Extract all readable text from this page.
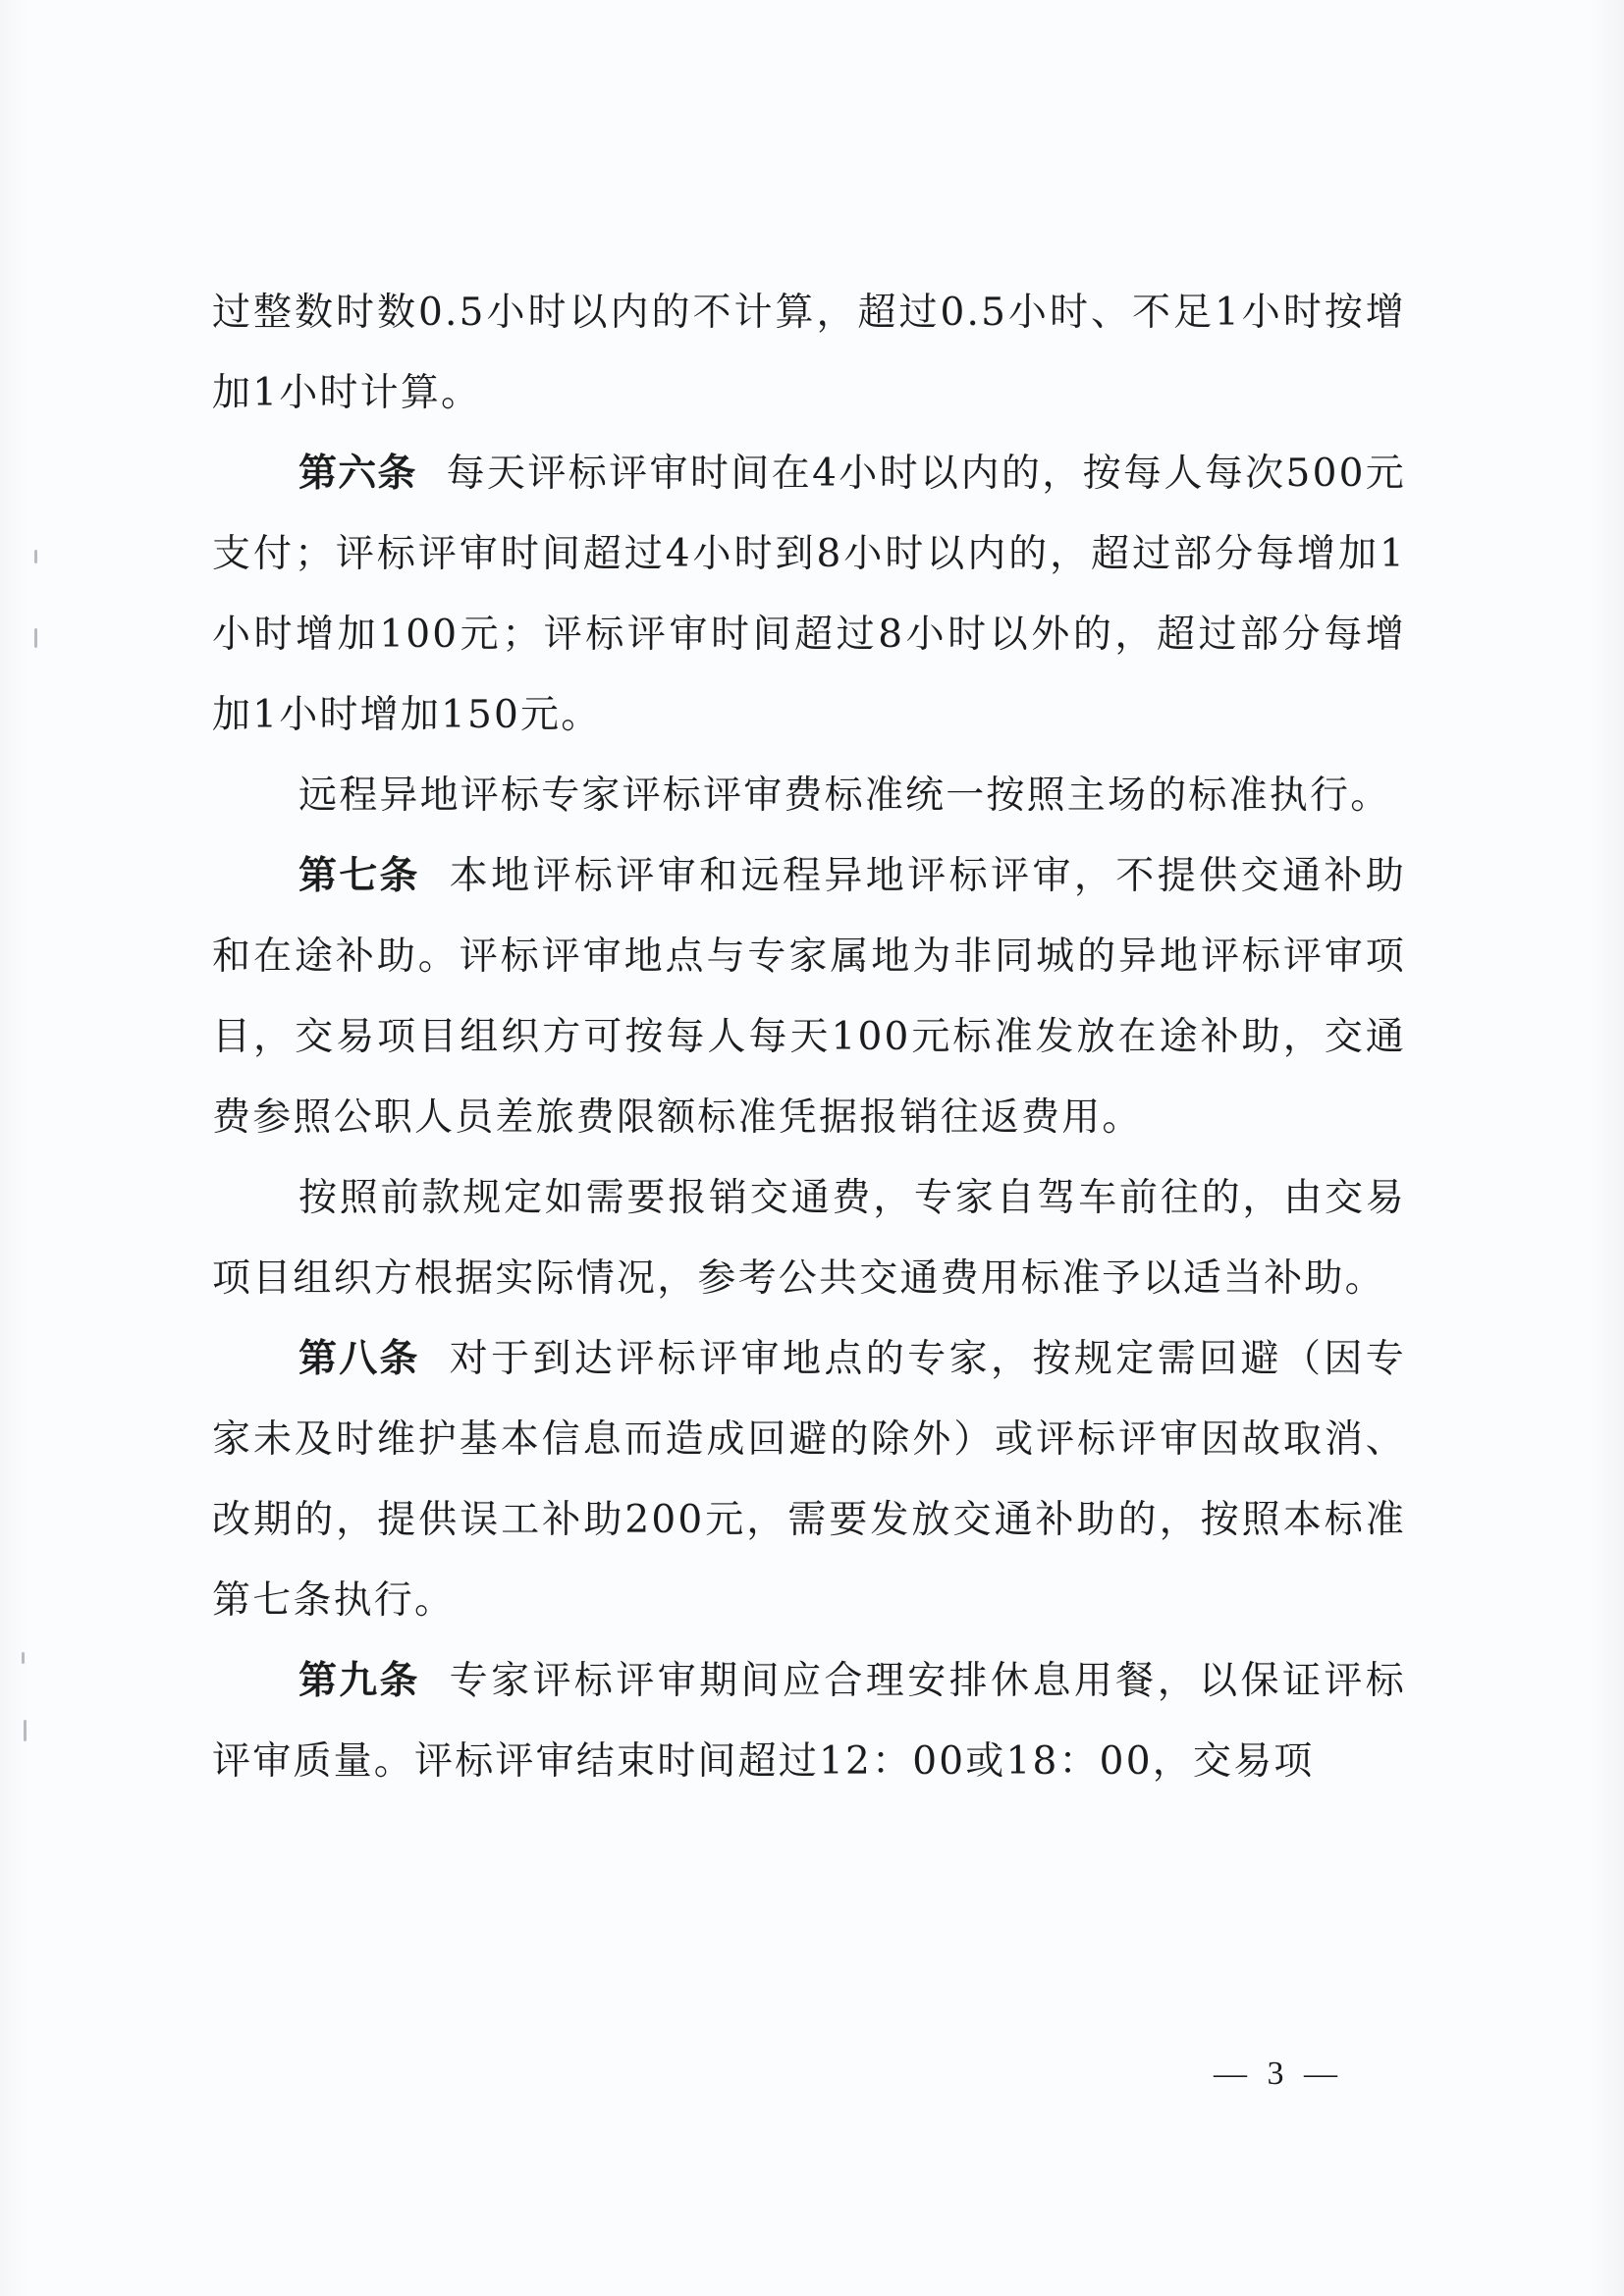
过整数时数0.5小时以内的不计算，超过0.5小时、不足1小时按增加1小时计算。

第六条 每天评标评审时间在4小时以内的，按每人每次500元支付；评标评审时间超过4小时到8小时以内的，超过部分每增加1小时增加100元；评标评审时间超过8小时以外的，超过部分每增加1小时增加150元。

远程异地评标专家评标评审费标准统一按照主场的标准执行。

第七条 本地评标评审和远程异地评标评审，不提供交通补助和在途补助。评标评审地点与专家属地为非同城的异地评标评审项目，交易项目组织方可按每人每天100元标准发放在途补助，交通费参照公职人员差旅费限额标准凭据报销往返费用。

按照前款规定如需要报销交通费，专家自驾车前往的，由交易项目组织方根据实际情况，参考公共交通费用标准予以适当补助。

第八条 对于到达评标评审地点的专家，按规定需回避（因专家未及时维护基本信息而造成回避的除外）或评标评审因故取消、改期的，提供误工补助200元，需要发放交通补助的，按照本标准第七条执行。

第九条 专家评标评审期间应合理安排休息用餐，以保证评标评审质量。评标评审结束时间超过12：00或18：00，交易项

— 3 —
